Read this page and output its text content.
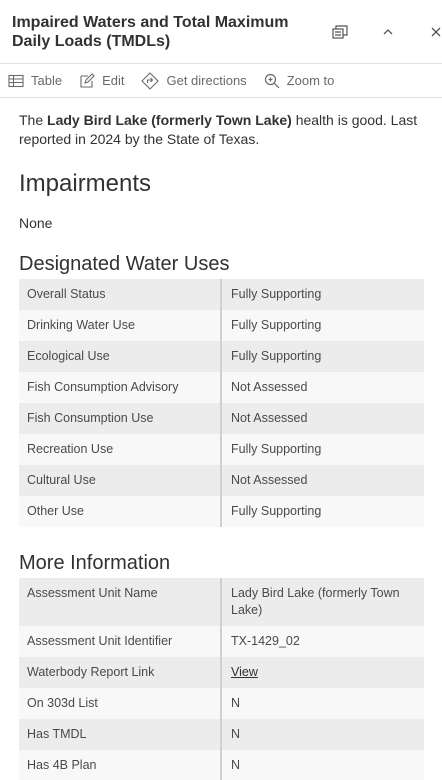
Impaired Waters and Total Maximum Daily Loads (TMDLs)
Table	Edit	Get directions	Zoom to

The Lady Bird Lake (formerly Town Lake) health is good. Last reported in 2024 by the State of Texas.

Impairments

None

Designated Water Uses
Overall Status	Fully Supporting
Drinking Water Use	Fully Supporting
Ecological Use	Fully Supporting
Fish Consumption Advisory	Not Assessed
Fish Consumption Use	Not Assessed
Recreation Use	Fully Supporting
Cultural Use	Not Assessed
Other Use	Fully Supporting
More Information
Assessment Unit Name	Lady Bird Lake (formerly Town Lake)
Assessment Unit Identifier	TX-1429_02
Waterbody Report Link	View
On 303d List	N
Has TMDL	N
Has 4B Plan	N
